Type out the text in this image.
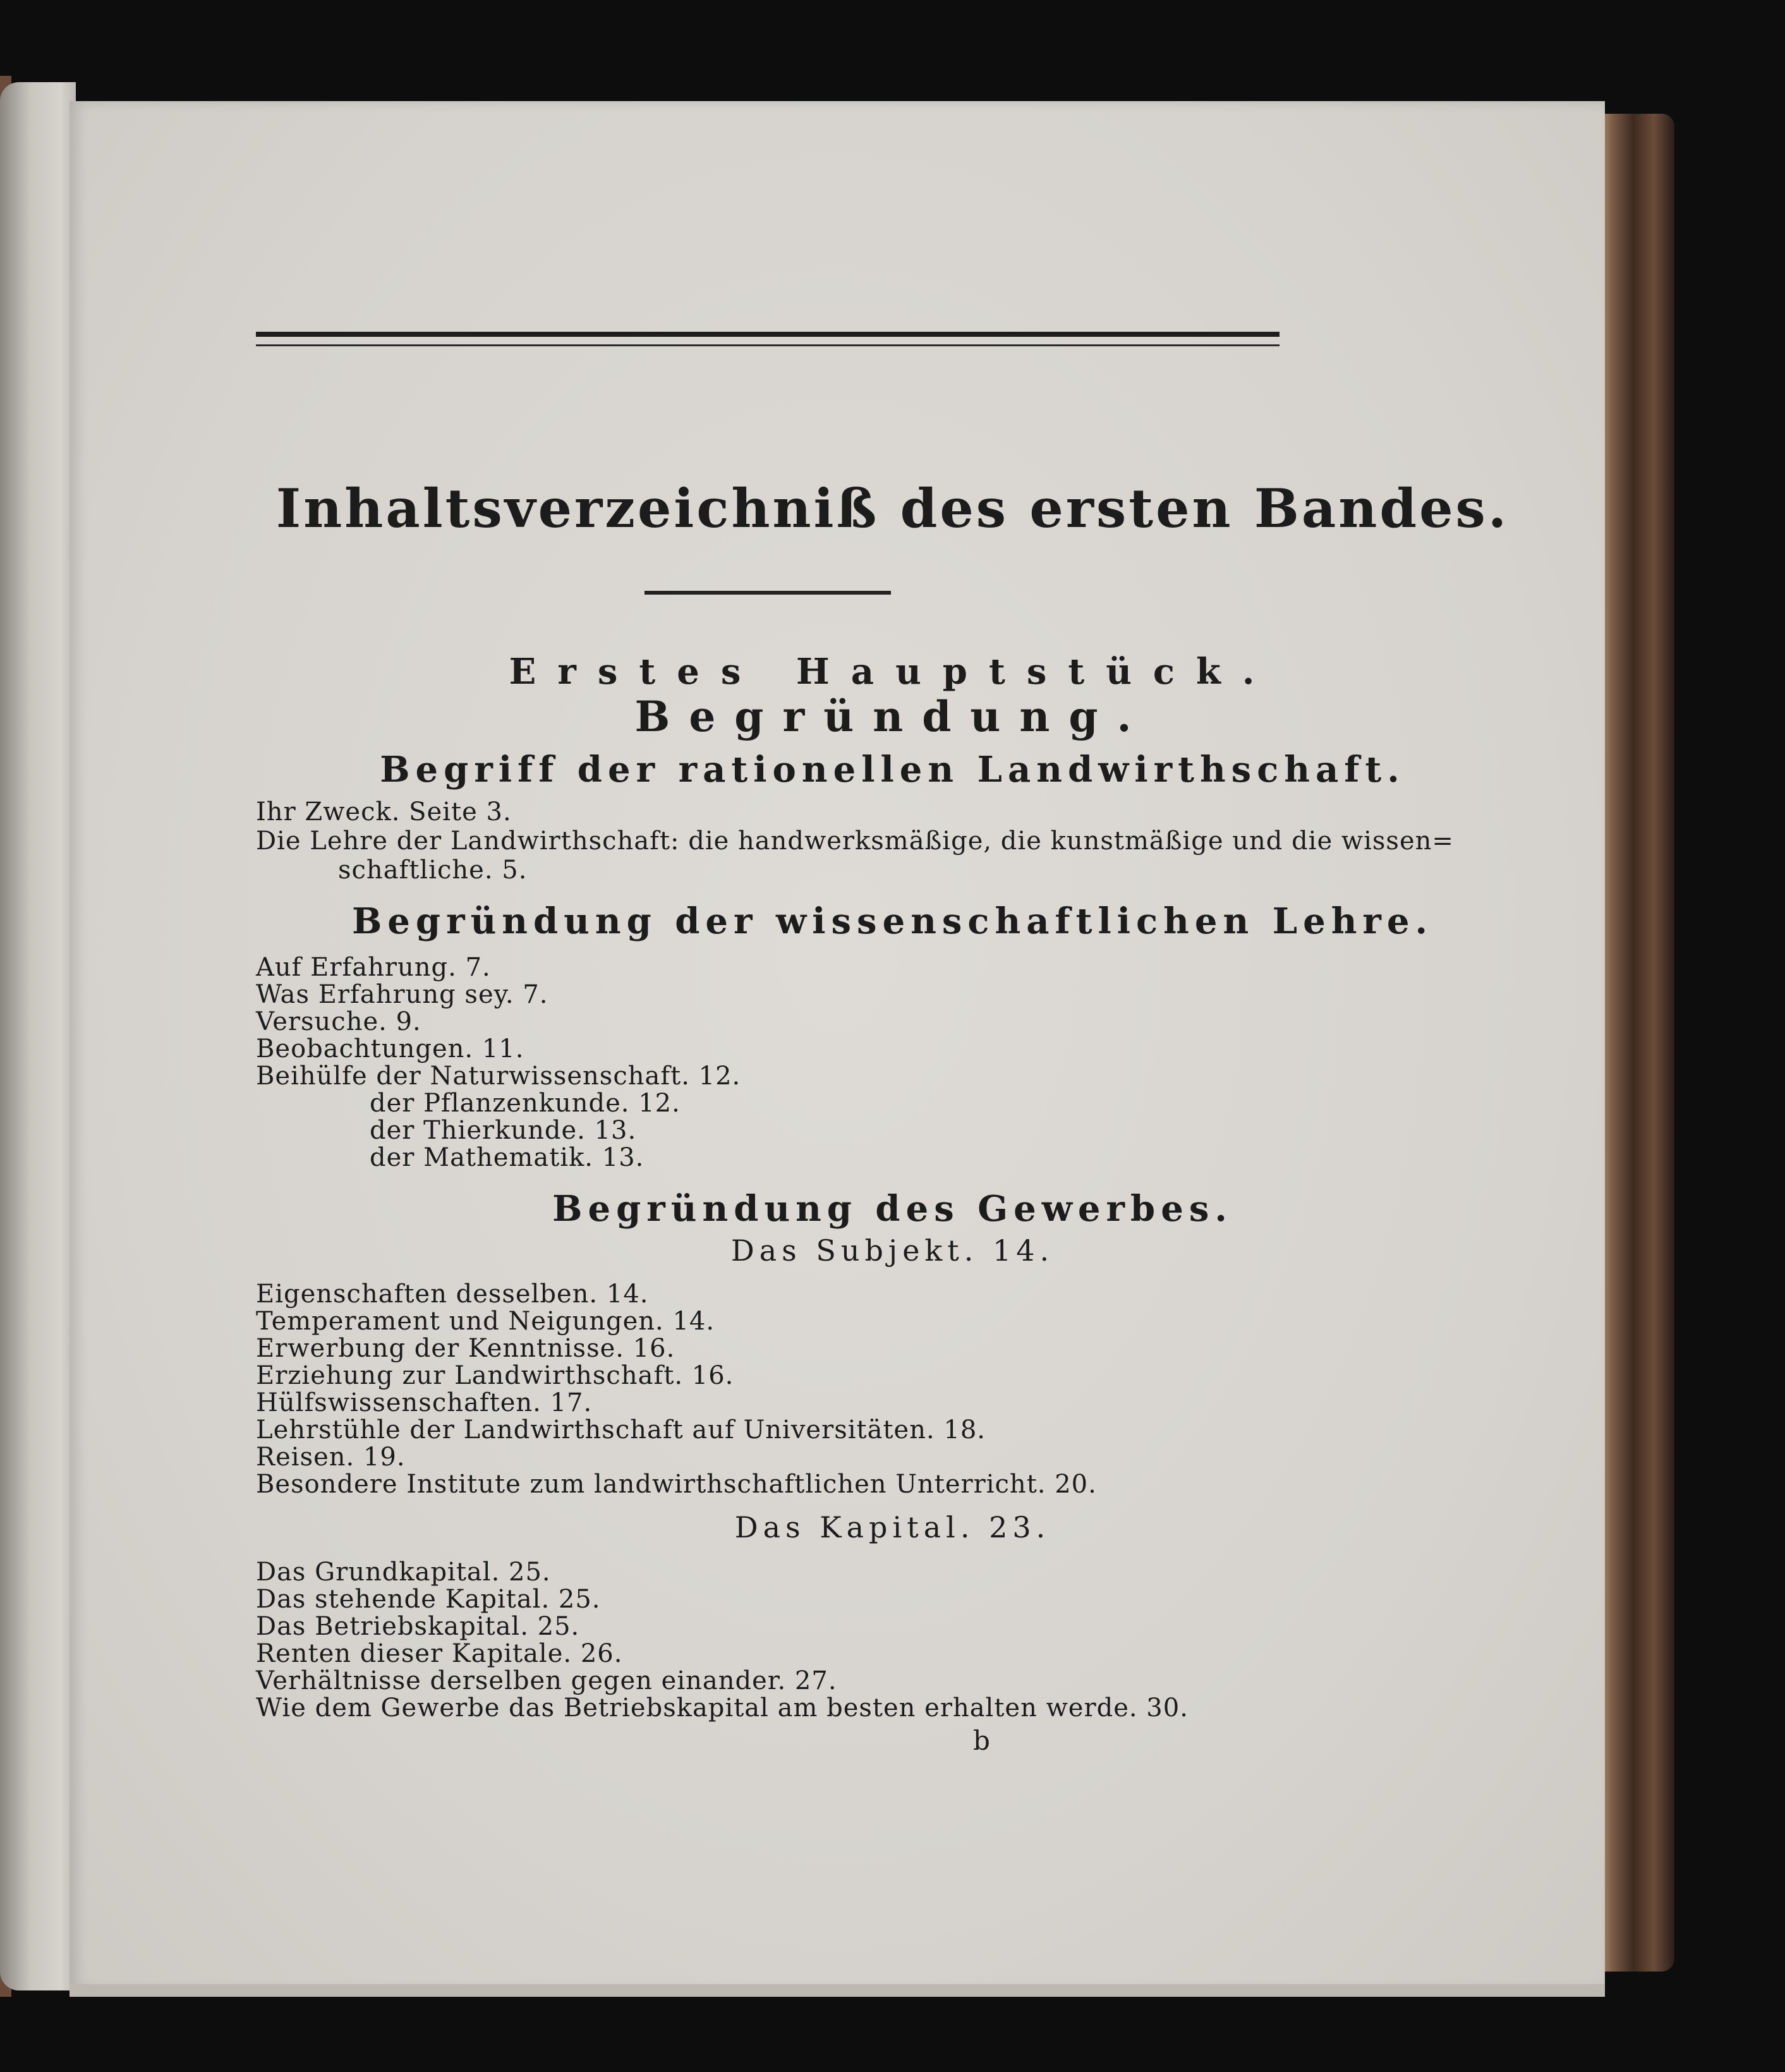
Inhaltsverzeichniß des ersten Bandes.
Erstes Hauptstück.
Begründung.
Begriff der rationellen Landwirthschaft.
Ihr Zweck. Seite 3.
Die Lehre der Landwirthschaft: die handwerksmäßige, die kunstmäßige und die wissen=
schaftliche. 5.
Begründung der wissenschaftlichen Lehre.
Auf Erfahrung. 7.
Was Erfahrung sey. 7.
Versuche. 9.
Beobachtungen. 11.
Beihülfe der Naturwissenschaft. 12.
der Pflanzenkunde. 12.
der Thierkunde. 13.
der Mathematik. 13.
Begründung des Gewerbes.
Das Subjekt. 14.
Eigenschaften desselben. 14.
Temperament und Neigungen. 14.
Erwerbung der Kenntnisse. 16.
Erziehung zur Landwirthschaft. 16.
Hülfswissenschaften. 17.
Lehrstühle der Landwirthschaft auf Universitäten. 18.
Reisen. 19.
Besondere Institute zum landwirthschaftlichen Unterricht. 20.
Das Kapital. 23.
Das Grundkapital. 25.
Das stehende Kapital. 25.
Das Betriebskapital. 25.
Renten dieser Kapitale. 26.
Verhältnisse derselben gegen einander. 27.
Wie dem Gewerbe das Betriebskapital am besten erhalten werde. 30.
b
